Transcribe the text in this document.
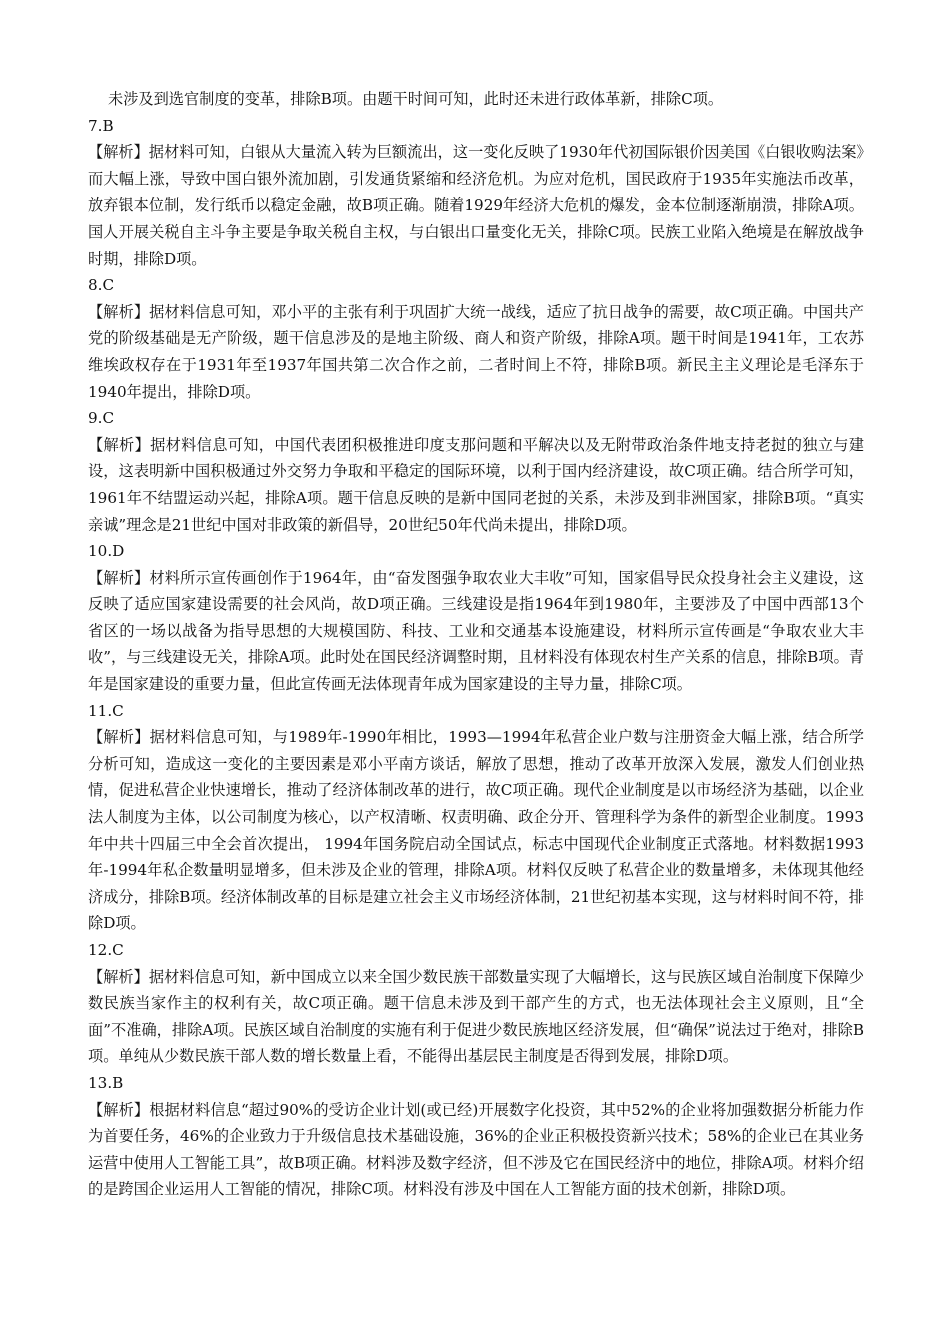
未涉及到选官制度的变革，排除B项。由题干时间可知，此时还未进行政体革新，排除C项。

7.B

【解析】据材料可知，白银从大量流入转为巨额流出，这一变化反映了1930年代初国际银价因美国《白银收购法案》而大幅上涨，导致中国白银外流加剧，引发通货紧缩和经济危机。为应对危机，国民政府于1935年实施法币改革，放弃银本位制，发行纸币以稳定金融，故B项正确。随着1929年经济大危机的爆发，金本位制逐渐崩溃，排除A项。国人开展关税自主斗争主要是争取关税自主权，与白银出口量变化无关，排除C项。民族工业陷入绝境是在解放战争时期，排除D项。

8.C

【解析】据材料信息可知，邓小平的主张有利于巩固扩大统一战线，适应了抗日战争的需要，故C项正确。中国共产党的阶级基础是无产阶级，题干信息涉及的是地主阶级、商人和资产阶级，排除A项。题干时间是1941年，工农苏维埃政权存在于1931年至1937年国共第二次合作之前，二者时间上不符，排除B项。新民主主义理论是毛泽东于1940年提出，排除D项。

9.C

【解析】据材料信息可知，中国代表团积极推进印度支那问题和平解决以及无附带政治条件地支持老挝的独立与建设，这表明新中国积极通过外交努力争取和平稳定的国际环境，以利于国内经济建设，故C项正确。结合所学可知，1961年不结盟运动兴起，排除A项。题干信息反映的是新中国同老挝的关系，未涉及到非洲国家，排除B项。“真实亲诚”理念是21世纪中国对非政策的新倡导，20世纪50年代尚未提出，排除D项。

10.D

【解析】材料所示宣传画创作于1964年，由“奋发图强争取农业大丰收”可知，国家倡导民众投身社会主义建设，这反映了适应国家建设需要的社会风尚，故D项正确。三线建设是指1964年到1980年，主要涉及了中国中西部13个省区的一场以战备为指导思想的大规模国防、科技、工业和交通基本设施建设，材料所示宣传画是“争取农业大丰收”，与三线建设无关，排除A项。此时处在国民经济调整时期，且材料没有体现农村生产关系的信息，排除B项。青年是国家建设的重要力量，但此宣传画无法体现青年成为国家建设的主导力量，排除C项。

11.C

【解析】据材料信息可知，与1989年-1990年相比，1993—1994年私营企业户数与注册资金大幅上涨，结合所学分析可知，造成这一变化的主要因素是邓小平南方谈话，解放了思想，推动了改革开放深入发展，激发人们创业热情，促进私营企业快速增长，推动了经济体制改革的进行，故C项正确。现代企业制度是以市场经济为基础，以企业法人制度为主体，以公司制度为核心，以产权清晰、权责明确、政企分开、管理科学为条件的新型企业制度。1993年中共十四届三中全会首次提出， 1994年国务院启动全国试点，标志中国现代企业制度正式落地。材料数据1993年-1994年私企数量明显增多，但未涉及企业的管理，排除A项。材料仅反映了私营企业的数量增多，未体现其他经济成分，排除B项。经济体制改革的目标是建立社会主义市场经济体制，21世纪初基本实现，这与材料时间不符，排除D项。

12.C

【解析】据材料信息可知，新中国成立以来全国少数民族干部数量实现了大幅增长，这与民族区域自治制度下保障少数民族当家作主的权利有关，故C项正确。题干信息未涉及到干部产生的方式，也无法体现社会主义原则，且“全面”不准确，排除A项。民族区域自治制度的实施有利于促进少数民族地区经济发展，但“确保”说法过于绝对，排除B项。单纯从少数民族干部人数的增长数量上看，不能得出基层民主制度是否得到发展，排除D项。

13.B

【解析】根据材料信息“超过90%的受访企业计划(或已经)开展数字化投资，其中52%的企业将加强数据分析能力作为首要任务，46%的企业致力于升级信息技术基础设施，36%的企业正积极投资新兴技术；58%的企业已在其业务运营中使用人工智能工具”，故B项正确。材料涉及数字经济，但不涉及它在国民经济中的地位，排除A项。材料介绍的是跨国企业运用人工智能的情况，排除C项。材料没有涉及中国在人工智能方面的技术创新，排除D项。
